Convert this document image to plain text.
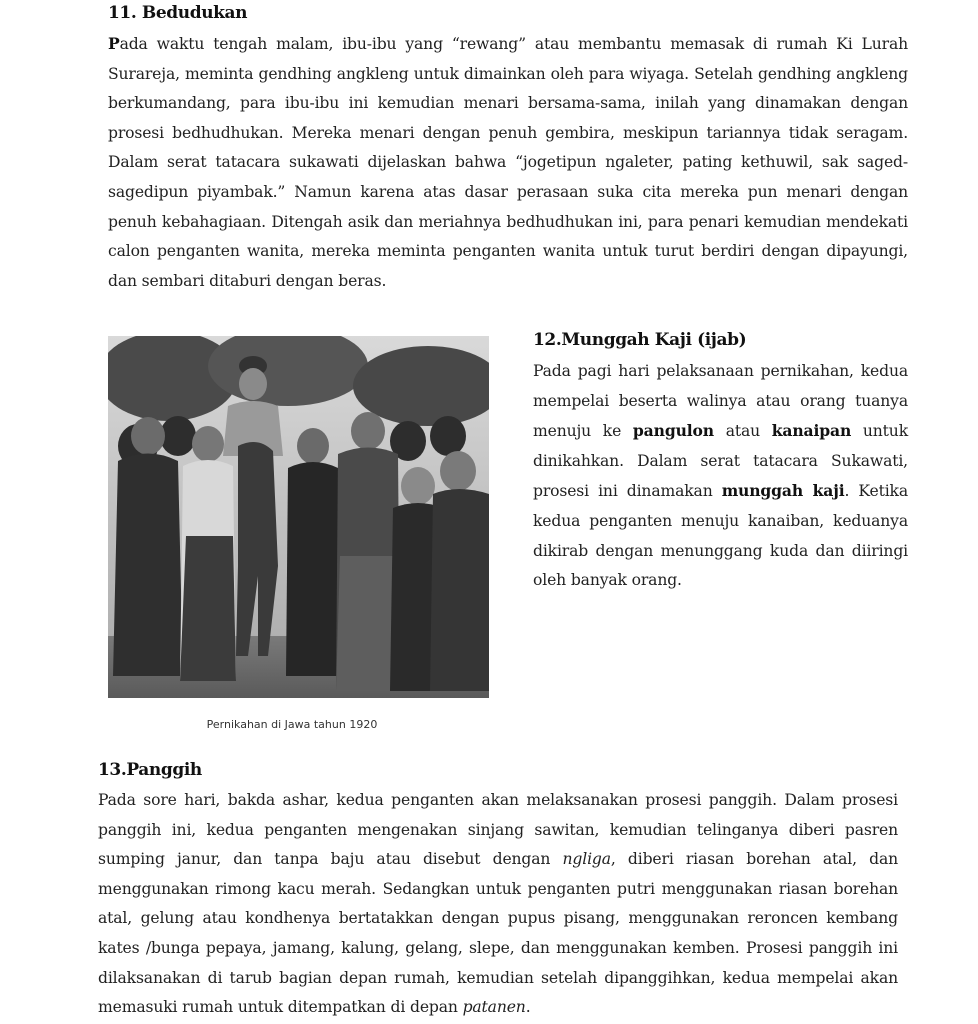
11. Bedudukan

Pada waktu tengah malam, ibu-ibu yang “rewang” atau membantu memasak di rumah Ki Lurah Surareja, meminta gendhing angkleng untuk dimainkan oleh para wiyaga. Setelah gendhing angkleng berkumandang, para ibu-ibu ini kemudian menari bersama-sama, inilah yang dinamakan dengan prosesi bedhudhukan. Mereka menari dengan penuh gembira, meskipun tariannya tidak seragam. Dalam serat tatacara sukawati dijelaskan bahwa “jogetipun ngaleter, pating kethuwil, sak saged-sagedipun piyambak.” Namun karena atas dasar perasaan suka cita mereka pun menari dengan penuh kebahagiaan. Ditengah asik dan meriahnya bedhudhukan ini, para penari kemudian mendekati calon penganten wanita, mereka meminta penganten wanita untuk turut berdiri dengan dipayungi, dan sembari ditaburi dengan beras.

Pernikahan di Jawa tahun 1920

12.Munggah Kaji (ijab)

Pada pagi hari pelaksanaan pernikahan, kedua mempelai beserta walinya atau orang tuanya menuju ke pangulon atau kanaipan untuk dinikahkan. Dalam serat tatacara Sukawati, prosesi ini dinamakan munggah kaji. Ketika kedua penganten menuju kanaiban, keduanya dikirab dengan menunggang kuda dan diiringi oleh banyak orang.

13.Panggih

Pada sore hari, bakda ashar, kedua penganten akan melaksanakan prosesi panggih. Dalam prosesi panggih ini, kedua penganten mengenakan sinjang sawitan, kemudian telinganya diberi pasren sumping janur, dan tanpa baju atau disebut dengan ngliga, diberi riasan borehan atal, dan menggunakan rimong kacu merah. Sedangkan untuk penganten putri menggunakan riasan borehan atal, gelung atau kondhenya bertatakkan dengan pupus pisang, menggunakan reroncen kembang kates /bunga pepaya, jamang, kalung, gelang, slepe, dan menggunakan kemben. Prosesi panggih ini dilaksanakan di tarub bagian depan rumah, kemudian setelah dipanggihkan, kedua mempelai akan memasuki rumah untuk ditempatkan di depan patanen.
